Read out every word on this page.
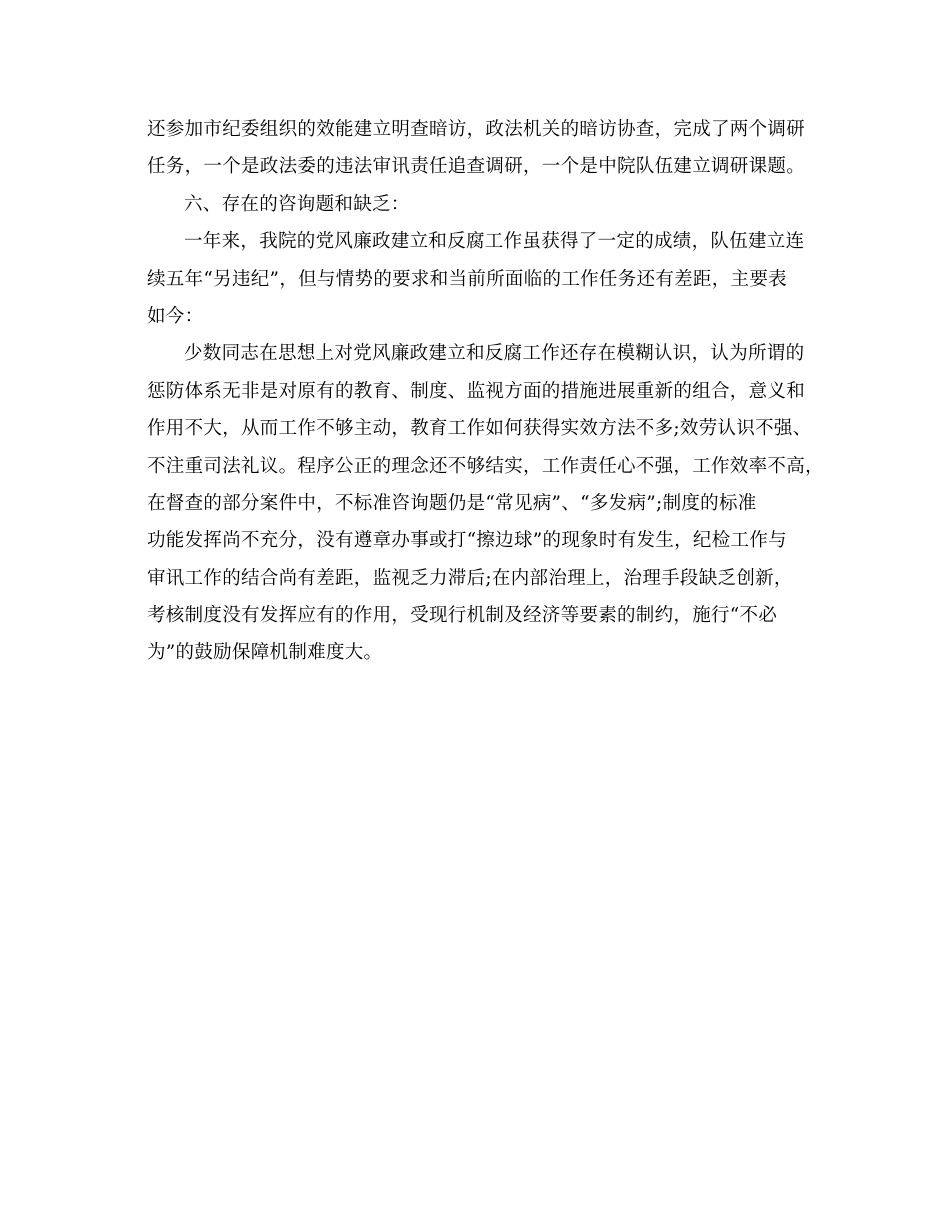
还参加市纪委组织的效能建立明查暗访，政法机关的暗访协查，完成了两个调研
任务，一个是政法委的违法审讯责任追查调研，一个是中院队伍建立调研课题。
六、存在的咨询题和缺乏：
一年来，我院的党风廉政建立和反腐工作虽获得了一定的成绩，队伍建立连
续五年“另违纪”，但与情势的要求和当前所面临的工作任务还有差距，主要表
如今：
少数同志在思想上对党风廉政建立和反腐工作还存在模糊认识，认为所谓的
惩防体系无非是对原有的教育、制度、监视方面的措施进展重新的组合，意义和
作用不大，从而工作不够主动，教育工作如何获得实效方法不多;效劳认识不强、
不注重司法礼议。程序公正的理念还不够结实，工作责任心不强，工作效率不高，
在督查的部分案件中，不标准咨询题仍是“常见病”、“多发病”;制度的标准
功能发挥尚不充分，没有遵章办事或打“擦边球”的现象时有发生，纪检工作与
审讯工作的结合尚有差距，监视乏力滞后;在内部治理上，治理手段缺乏创新，
考核制度没有发挥应有的作用，受现行机制及经济等要素的制约，施行“不必
为”的鼓励保障机制难度大。
